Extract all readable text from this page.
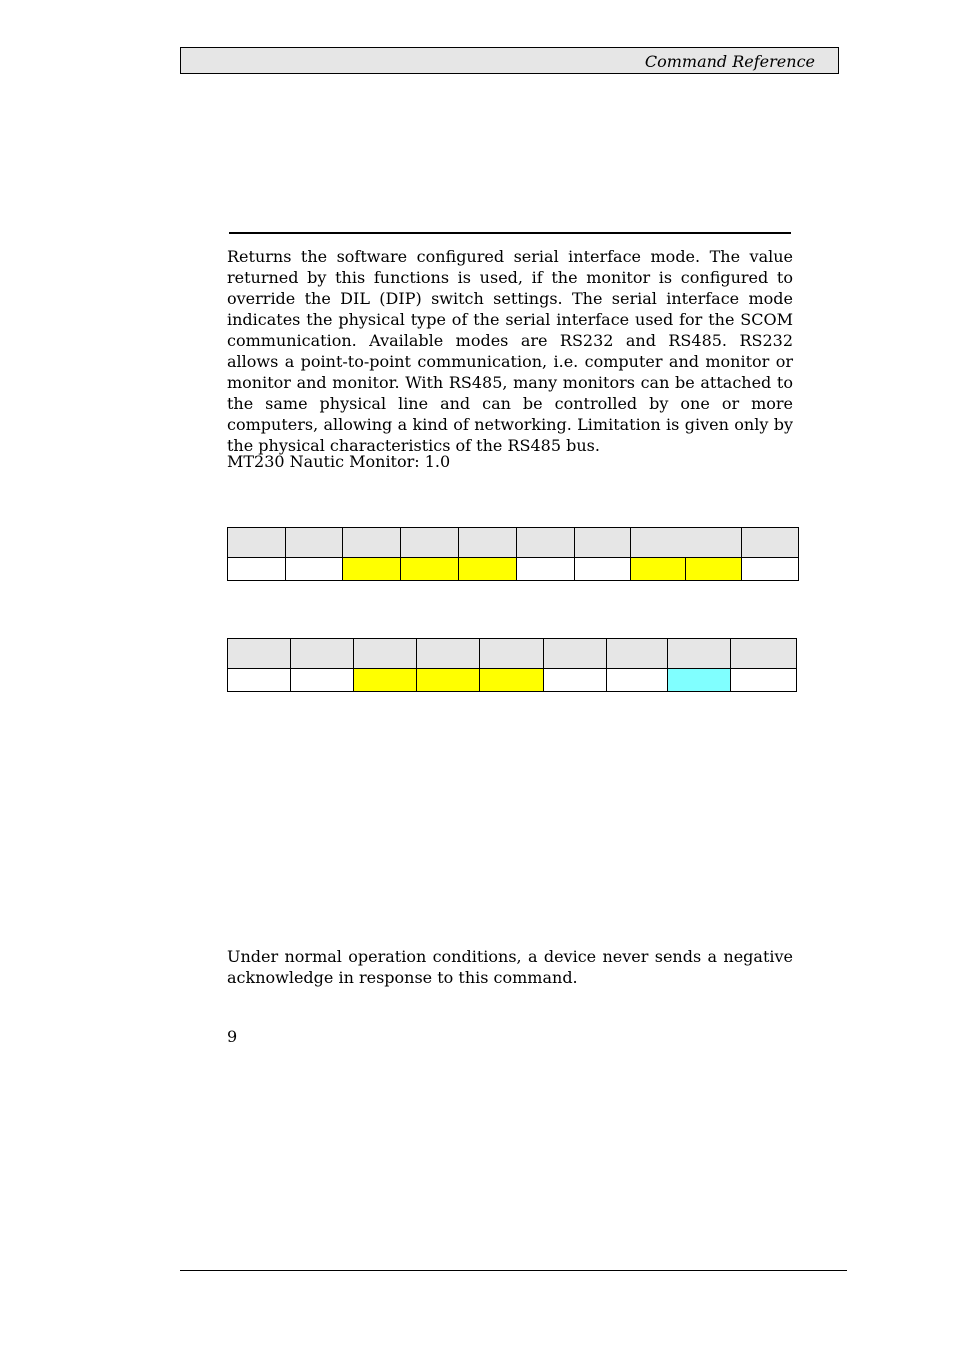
Command Reference
Returns the software configured serial interface mode. The value returned by this functions is used, if the monitor is configured to override the DIL (DIP) switch settings. The serial interface mode indicates the physical type of the serial interface used for the SCOM communication. Available modes are RS232 and RS485. RS232 allows a point-to-point communication, i.e. computer and monitor or monitor and monitor. With RS485, many monitors can be attached to the same physical line and can be controlled by one or more computers, allowing a kind of networking. Limitation is given only by the physical characteristics of the RS485 bus.
MT230 Nautic Monitor: 1.0

Under normal operation conditions, a device never sends a negative acknowledge in response to this command.
9
